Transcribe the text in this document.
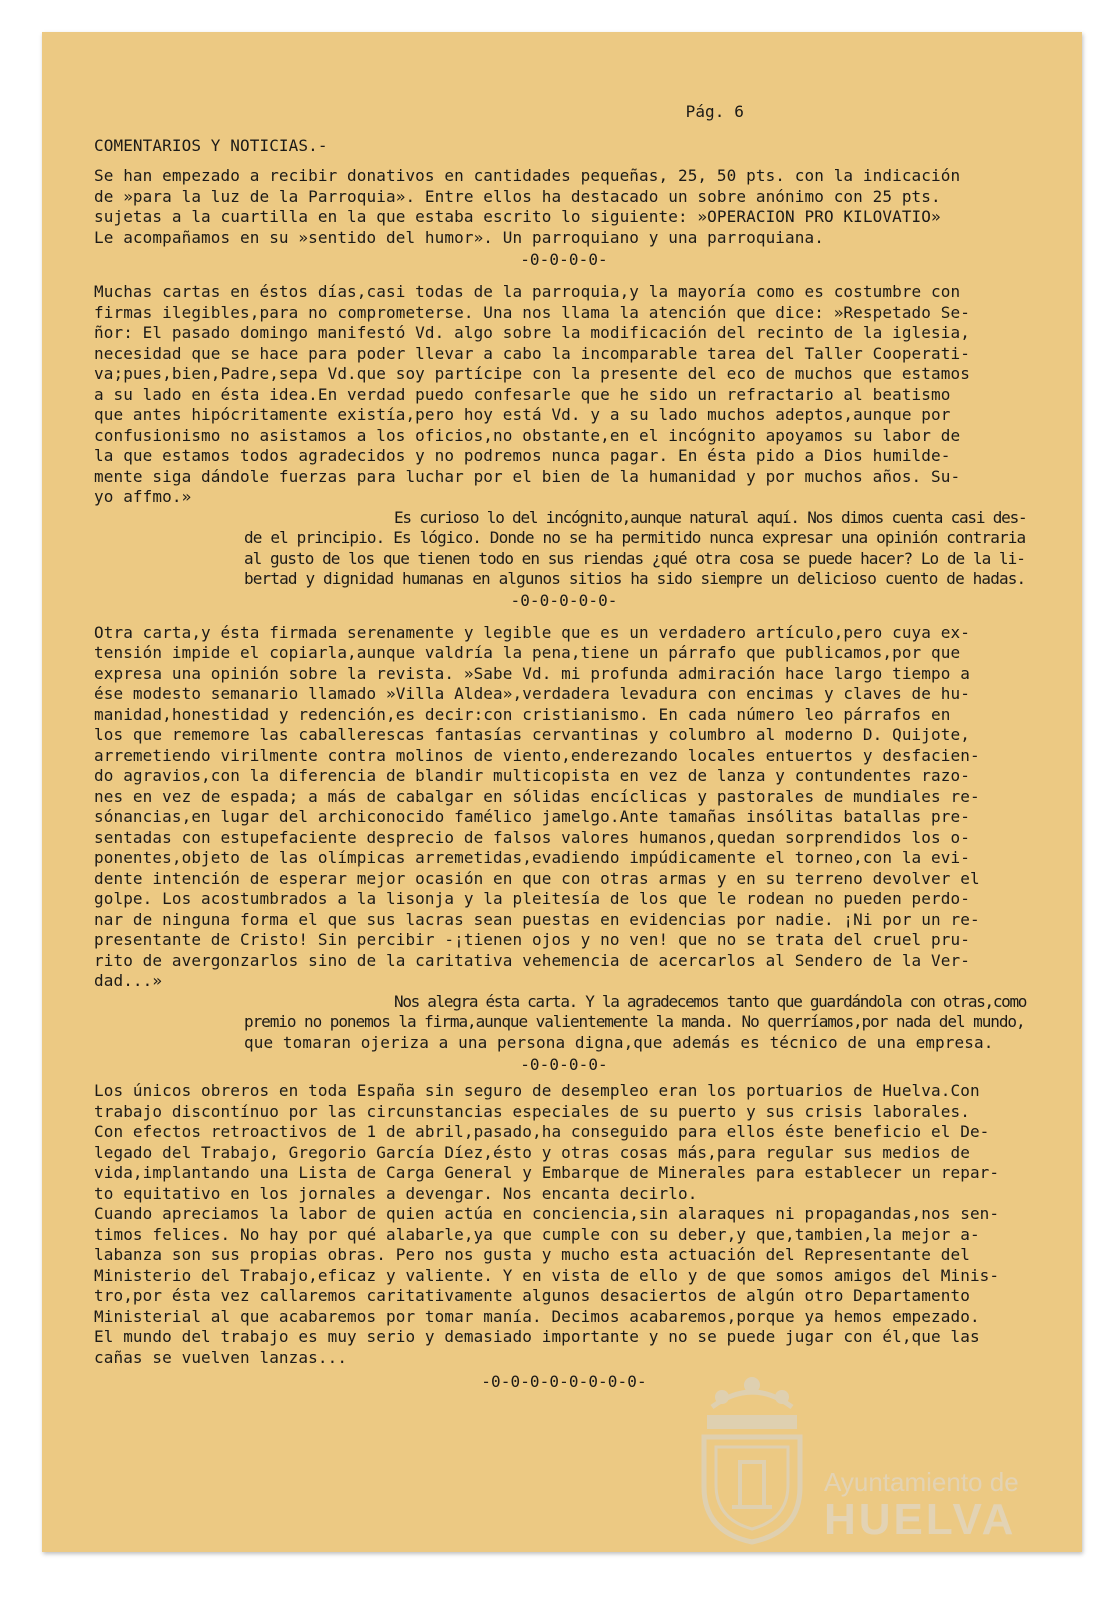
Pág. 6
COMENTARIOS Y NOTICIAS.-
Se han empezado a recibir donativos en cantidades pequeñas, 25, 50 pts. con la indicación
de »para la luz de la Parroquia». Entre ellos ha destacado un sobre anónimo con 25 pts.
sujetas a la cuartilla en la que estaba escrito lo siguiente: »OPERACION PRO KILOVATIO»
Le acompañamos en su »sentido del humor». Un parroquiano y una parroquiana.
-0-0-0-0-
Muchas cartas en éstos días,casi todas de la parroquia,y la mayoría como es costumbre con
firmas ilegibles,para no comprometerse. Una nos llama la atención que dice: »Respetado Se-
ñor: El pasado domingo manifestó Vd. algo sobre la modificación del recinto de la iglesia,
necesidad que se hace para poder llevar a cabo la incomparable tarea del Taller Cooperati-
va;pues,bien,Padre,sepa Vd.que soy partícipe con la presente del eco de muchos que estamos
a su lado en ésta idea.En verdad puedo confesarle que he sido un refractario al beatismo
que antes hipócritamente existía,pero hoy está Vd. y a su lado muchos adeptos,aunque por
confusionismo no asistamos a los oficios,no obstante,en el incógnito apoyamos su labor de
la que estamos todos agradecidos y no podremos nunca pagar. En ésta pido a Dios humilde-
mente siga dándole fuerzas para luchar por el bien de la humanidad y por muchos años. Su-
yo affmo.»
Es curioso lo del incógnito,aunque natural aquí. Nos dimos cuenta casi des-
de el principio. Es lógico. Donde no se ha permitido nunca expresar una opinión contraria
al gusto de los que tienen todo en sus riendas ¿qué otra cosa se puede hacer? Lo de la li-
bertad y dignidad humanas en algunos sitios ha sido siempre un delicioso cuento de hadas.
-0-0-0-0-0-
Otra carta,y ésta firmada serenamente y legible que es un verdadero artículo,pero cuya ex-
tensión impide el copiarla,aunque valdría la pena,tiene un párrafo que publicamos,por que
expresa una opinión sobre la revista. »Sabe Vd. mi profunda admiración hace largo tiempo a
ése modesto semanario llamado »Villa Aldea»,verdadera levadura con encimas y claves de hu-
manidad,honestidad y redención,es decir:con cristianismo. En cada número leo párrafos en
los que rememore las caballerescas fantasías cervantinas y columbro al moderno D. Quijote,
arremetiendo virilmente contra molinos de viento,enderezando locales entuertos y desfacien-
do agravios,con la diferencia de blandir multicopista en vez de lanza y contundentes razo-
nes en vez de espada; a más de cabalgar en sólidas encíclicas y pastorales de mundiales re-
sónancias,en lugar del archiconocido famélico jamelgo.Ante tamañas insólitas batallas pre-
sentadas con estupefaciente desprecio de falsos valores humanos,quedan sorprendidos los o-
ponentes,objeto de las olímpicas arremetidas,evadiendo impúdicamente el torneo,con la evi-
dente intención de esperar mejor ocasión en que con otras armas y en su terreno devolver el
golpe. Los acostumbrados a la lisonja y la pleitesía de los que le rodean no pueden perdo-
nar de ninguna forma el que sus lacras sean puestas en evidencias por nadie. ¡Ni por un re-
presentante de Cristo! Sin percibir -¡tienen ojos y no ven! que no se trata del cruel pru-
rito de avergonzarlos sino de la caritativa vehemencia de acercarlos al Sendero de la Ver-
dad...»
Nos alegra ésta carta. Y la agradecemos tanto que guardándola con otras,como
premio no ponemos la firma,aunque valientemente la manda. No querríamos,por nada del mundo,
que tomaran ojeriza a una persona digna,que además es técnico de una empresa.
-0-0-0-0-
Los únicos obreros en toda España sin seguro de desempleo eran los portuarios de Huelva.Con
trabajo discontínuo por las circunstancias especiales de su puerto y sus crisis laborales.
Con efectos retroactivos de 1 de abril,pasado,ha conseguido para ellos éste beneficio el De-
legado del Trabajo, Gregorio García Díez,ésto y otras cosas más,para regular sus medios de
vida,implantando una Lista de Carga General y Embarque de Minerales para establecer un repar-
to equitativo en los jornales a devengar. Nos encanta decirlo.
Cuando apreciamos la labor de quien actúa en conciencia,sin alaraques ni propagandas,nos sen-
timos felices. No hay por qué alabarle,ya que cumple con su deber,y que,tambien,la mejor a-
labanza son sus propias obras. Pero nos gusta y mucho esta actuación del Representante del
Ministerio del Trabajo,eficaz y valiente. Y en vista de ello y de que somos amigos del Minis-
tro,por ésta vez callaremos caritativamente algunos desaciertos de algún otro Departamento
Ministerial al que acabaremos por tomar manía. Decimos acabaremos,porque ya hemos empezado.
El mundo del trabajo es muy serio y demasiado importante y no se puede jugar con él,que las
cañas se vuelven lanzas...
-0-0-0-0-0-0-0-0-
Ayuntamiento de
HUELVA
